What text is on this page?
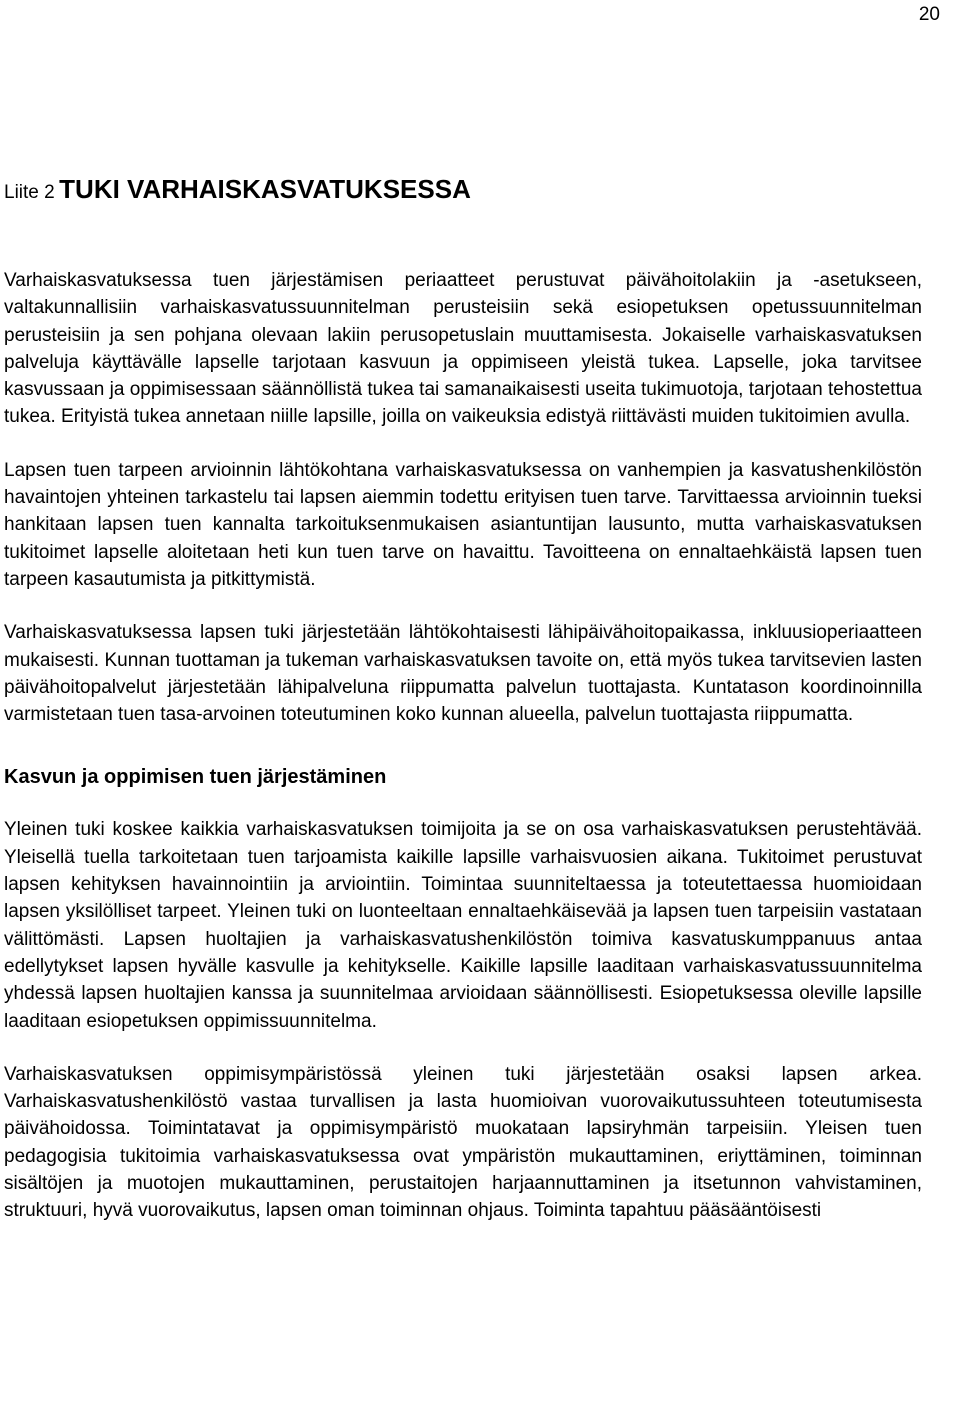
20
Liite 2 TUKI VARHAISKASVATUKSESSA

Varhaiskasvatuksessa tuen järjestämisen periaatteet perustuvat päivähoitolakiin ja -asetukseen, valtakunnallisiin varhaiskasvatussuunnitelman perusteisiin sekä esiopetuksen opetussuunnitelman perusteisiin ja sen pohjana olevaan lakiin perusopetuslain muuttamisesta. Jokaiselle varhaiskasvatuksen palveluja käyttävälle lapselle tarjotaan kasvuun ja oppimiseen yleistä tukea. Lapselle, joka tarvitsee kasvussaan ja oppimisessaan säännöllistä tukea tai samanaikaisesti useita tukimuotoja, tarjotaan tehostettua tukea. Erityistä tukea annetaan niille lapsille, joilla on vaikeuksia edistyä riittävästi muiden tukitoimien avulla.

Lapsen tuen tarpeen arvioinnin lähtökohtana varhaiskasvatuksessa on vanhempien ja kasvatushenkilöstön havaintojen yhteinen tarkastelu tai lapsen aiemmin todettu erityisen tuen tarve. Tarvittaessa arvioinnin tueksi hankitaan lapsen tuen kannalta tarkoituksenmukaisen asiantuntijan lausunto, mutta varhaiskasvatuksen tukitoimet lapselle aloitetaan heti kun tuen tarve on havaittu. Tavoitteena on ennaltaehkäistä lapsen tuen tarpeen kasautumista ja pitkittymistä.

Varhaiskasvatuksessa lapsen tuki järjestetään lähtökohtaisesti lähipäivähoitopaikassa, inkluusioperiaatteen mukaisesti. Kunnan tuottaman ja tukeman varhaiskasvatuksen tavoite on, että myös tukea tarvitsevien lasten päivähoitopalvelut järjestetään lähipalveluna riippumatta palvelun tuottajasta. Kuntatason koordinoinnilla varmistetaan tuen tasa-arvoinen toteutuminen koko kunnan alueella, palvelun tuottajasta riippumatta.

Kasvun ja oppimisen tuen järjestäminen

Yleinen tuki koskee kaikkia varhaiskasvatuksen toimijoita ja se on osa varhaiskasvatuksen perustehtävää. Yleisellä tuella tarkoitetaan tuen tarjoamista kaikille lapsille varhaisvuosien aikana. Tukitoimet perustuvat lapsen kehityksen havainnointiin ja arviointiin. Toimintaa suunniteltaessa ja toteutettaessa huomioidaan lapsen yksilölliset tarpeet. Yleinen tuki on luonteeltaan ennaltaehkäisevää ja lapsen tuen tarpeisiin vastataan välittömästi. Lapsen huoltajien ja varhaiskasvatushenkilöstön toimiva kasvatuskumppanuus antaa edellytykset lapsen hyvälle kasvulle ja kehitykselle. Kaikille lapsille laaditaan varhaiskasvatussuunnitelma yhdessä lapsen huoltajien kanssa ja suunnitelmaa arvioidaan säännöllisesti. Esiopetuksessa oleville lapsille laaditaan esiopetuksen oppimissuunnitelma.

Varhaiskasvatuksen oppimisympäristössä yleinen tuki järjestetään osaksi lapsen arkea. Varhaiskasvatushenkilöstö vastaa turvallisen ja lasta huomioivan vuorovaikutussuhteen toteutumisesta päivähoidossa. Toimintatavat ja oppimisympäristö muokataan lapsiryhmän tarpeisiin. Yleisen tuen pedagogisia tukitoimia varhaiskasvatuksessa ovat ympäristön mukauttaminen, eriyttäminen, toiminnan sisältöjen ja muotojen mukauttaminen, perustaitojen harjaannuttaminen ja itsetunnon vahvistaminen, struktuuri, hyvä vuorovaikutus, lapsen oman toiminnan ohjaus. Toiminta tapahtuu pääsääntöisesti
